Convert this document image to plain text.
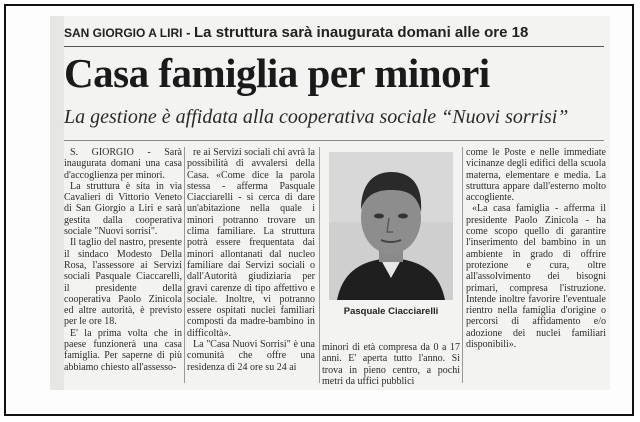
SAN GIORGIO A LIRI - La struttura sarà inaugurata domani alle ore 18
Casa famiglia per minori
La gestione è affidata alla cooperativa sociale “Nuovi sorrisi”

S. GIORGIO - Sarà inaugurata domani una casa d'accoglienza per minori.

La struttura è sita in via Cavalieri di Vittorio Veneto di San Giorgio a Liri e sarà gestita dalla cooperativa sociale "Nuovi sorrisi".

Il taglio del nastro, presente il sindaco Modesto Della Rosa, l'assessore ai Servizi sociali Pasquale Ciaccarelli, il presidente della cooperativa Paolo Zinicola ed altre autorità, è previsto per le ore 18.

E' la prima volta che in paese funzionerà una casa famiglia. Per saperne di più abbiamo chiesto all'assesso-

re ai Servizi sociali chi avrà la possibilità di avvalersi della Casa. «Come dice la parola stessa - afferma Pasquale Ciacciarelli - si cerca di dare un'abitazione nella quale i minori potranno trovare un clima familiare. La struttura potrà essere frequentata dai minori allontanati dal nucleo familiare dai Servizi sociali o dall'Autorità giudiziaria per gravi carenze di tipo affettivo e sociale. Inoltre, vi potranno essere ospitati nuclei familiari composti da madre-bambino in difficoltà».

La "Casa Nuovi Sorrisi" è una comunità che offre una residenza di 24 ore su 24 ai

Pasquale Ciacciarelli

minori di età compresa da 0 a 17 anni. E' aperta tutto l'anno. Si trova in pieno centro, a pochi metri da uffici pubblici

come le Poste e nelle immediate vicinanze degli edifici della scuola materna, elementare e media. La struttura appare dall'esterno molto accogliente.

«La casa famiglia - afferma il presidente Paolo Zinicola - ha come scopo quello di garantire l'inserimento del bambino in un ambiente in grado di offrire protezione e cura, oltre all'assolvimento dei bisogni primari, compresa l'istruzione. Intende inoltre favorire l'eventuale rientro nella famiglia d'origine o percorsi di affidamento e/o adozione dei nuclei familiari disponibili».
